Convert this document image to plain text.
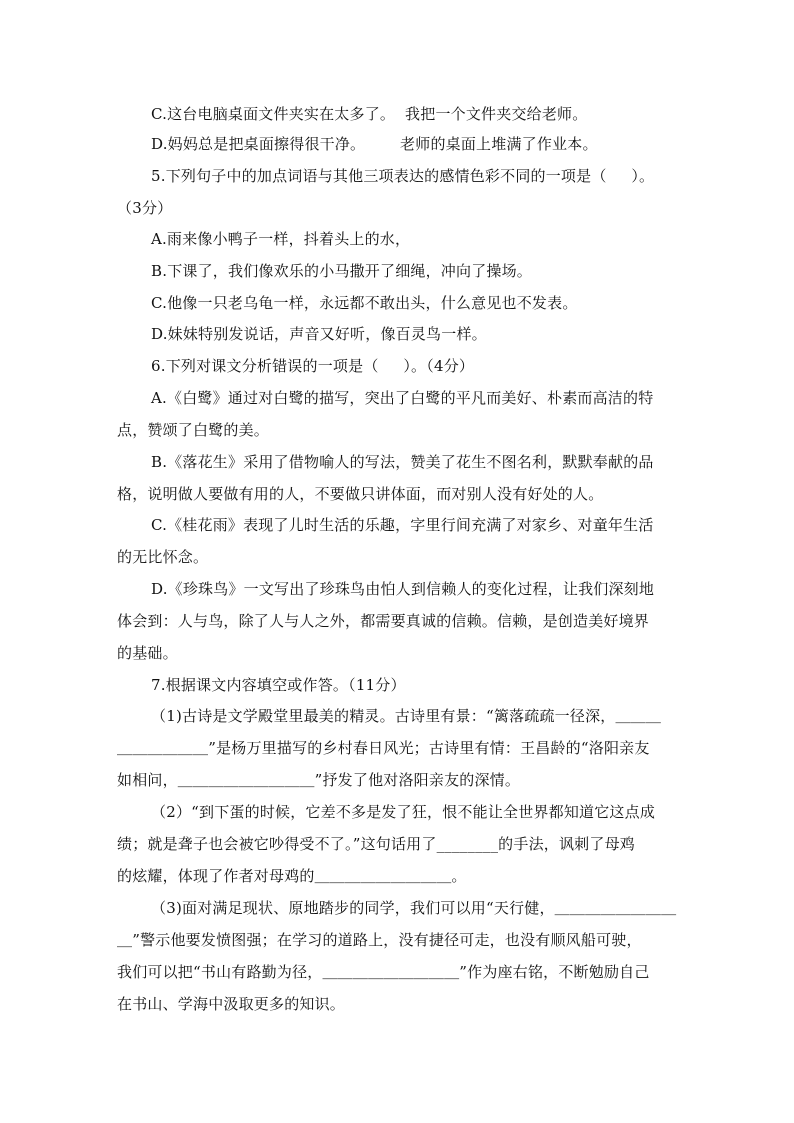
C.这台电脑桌面文件夹实在太多了。  我把一个文件夹交给老师。
D.妈妈总是把桌面擦得很干净。       老师的桌面上堆满了作业本。
5.下列句子中的加点词语与其他三项表达的感情色彩不同的一项是（     ）。
（3分）
A.雨来像小鸭子一样，抖着头上的水，
B.下课了，我们像欢乐的小马撒开了细绳，冲向了操场。
C.他像一只老乌龟一样，永远都不敢出头，什么意见也不发表。
D.妹妹特别发说话，声音又好听，像百灵鸟一样。
6.下列对课文分析错误的一项是（     ）。（4分）
A.《白鹭》通过对白鹭的描写，突出了白鹭的平凡而美好、朴素而高洁的特
点，赞颂了白鹭的美。
B.《落花生》采用了借物喻人的写法，赞美了花生不图名利，默默奉献的品
格，说明做人要做有用的人，不要做只讲体面，而对别人没有好处的人。
C.《桂花雨》表现了儿时生活的乐趣，字里行间充满了对家乡、对童年生活
的无比怀念。
D.《珍珠鸟》一文写出了珍珠鸟由怕人到信赖人的变化过程，让我们深刻地
体会到：人与鸟，除了人与人之外，都需要真诚的信赖。信赖，是创造美好境界
的基础。
7.根据课文内容填空或作答。（11分）
（1)古诗是文学殿堂里最美的精灵。古诗里有景：“篱落疏疏一径深，＿＿＿
＿＿＿＿＿＿”是杨万里描写的乡村春日风光；古诗里有情：王昌龄的“洛阳亲友
如相问，＿＿＿＿＿＿＿＿＿”抒发了他对洛阳亲友的深情。
（2）“到下蛋的时候，它差不多是发了狂，恨不能让全世界都知道它这点成
绩；就是聋子也会被它吵得受不了。”这句话用了________的手法，讽刺了母鸡
的炫耀，体现了作者对母鸡的＿＿＿＿＿＿＿＿＿。
（3)面对满足现状、原地踏步的同学，我们可以用“天行健，＿＿＿＿＿＿＿＿
＿”警示他要发愤图强；在学习的道路上，没有捷径可走，也没有顺风船可驶，
我们可以把“书山有路勤为径，＿＿＿＿＿＿＿＿＿”作为座右铭，不断勉励自己
在书山、学海中汲取更多的知识。
